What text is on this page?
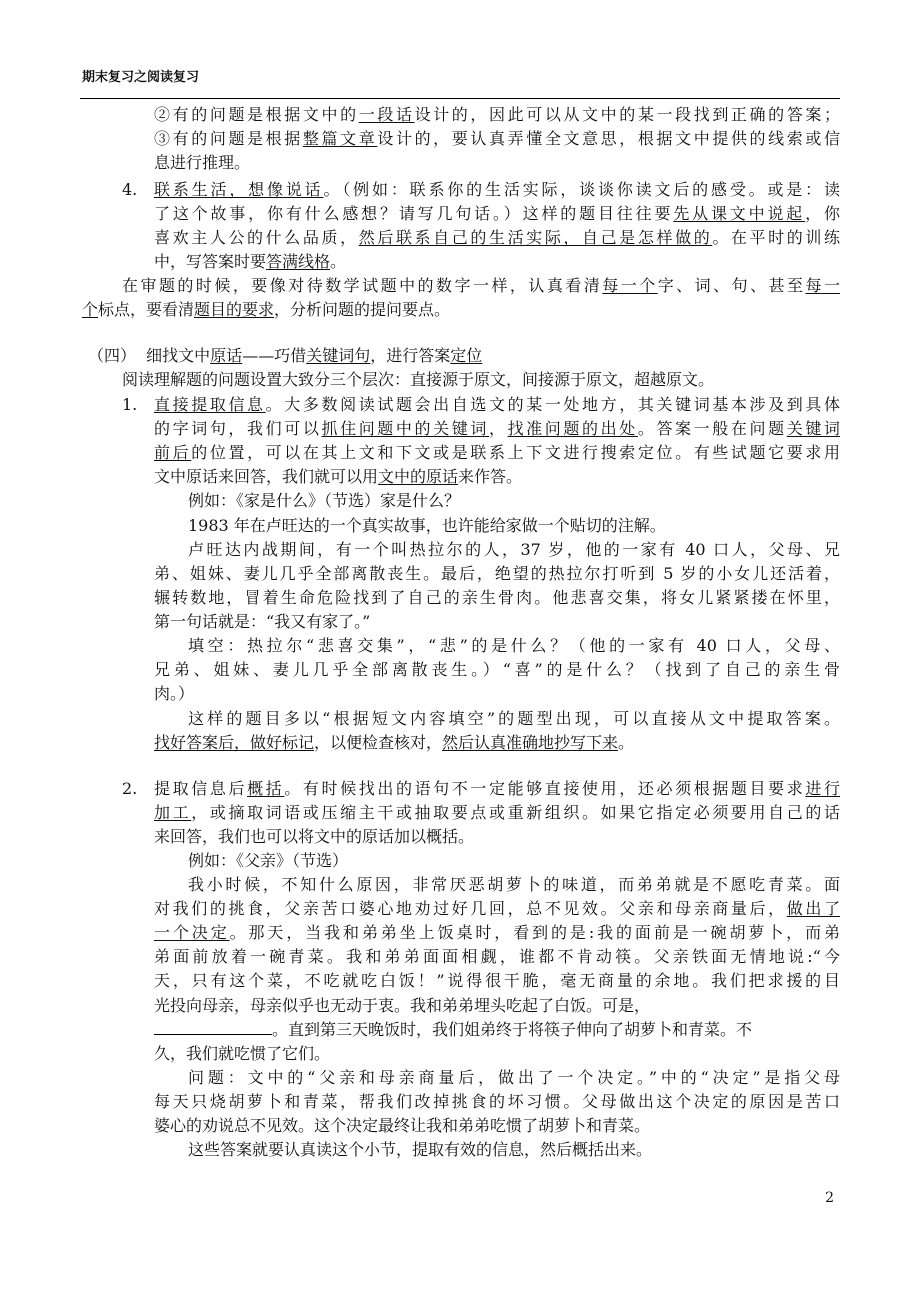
期末复习之阅读复习
②有的问题是根据文中的一段话设计的，因此可以从文中的某一段找到正确的答案；
③有的问题是根据整篇文章设计的，要认真弄懂全文意思，根据文中提供的线索或信
息进行推理。
4. 联系生活，想像说话。（例如：联系你的生活实际，谈谈你读文后的感受。或是：读
了这个故事，你有什么感想？请写几句话。）这样的题目往往要先从课文中说起，你
喜欢主人公的什么品质，然后联系自己的生活实际，自己是怎样做的。在平时的训练
中，写答案时要答满线格。
在审题的时候，要像对待数学试题中的数字一样，认真看清每一个字、词、句、甚至每一
个标点，要看清题目的要求，分析问题的提问要点。
（四）  细找文中原话——巧借关键词句，进行答案定位
阅读理解题的问题设置大致分三个层次：直接源于原文，间接源于原文，超越原文。
1. 直接提取信息。大多数阅读试题会出自选文的某一处地方，其关键词基本涉及到具体
的字词句，我们可以抓住问题中的关键词，找准问题的出处。答案一般在问题关键词
前后的位置，可以在其上文和下文或是联系上下文进行搜索定位。有些试题它要求用
文中原话来回答，我们就可以用文中的原话来作答。
例如：《家是什么》（节选）家是什么？
1983 年在卢旺达的一个真实故事，也许能给家做一个贴切的注解。
卢旺达内战期间，有一个叫热拉尔的人，37 岁，他的一家有 40 口人，父母、兄
弟、姐妹、妻儿几乎全部离散丧生。最后，绝望的热拉尔打听到 5 岁的小女儿还活着，
辗转数地，冒着生命危险找到了自己的亲生骨肉。他悲喜交集，将女儿紧紧搂在怀里，
第一句话就是：“我又有家了。”
填空：热拉尔“悲喜交集”，“悲”的是什么？（他的一家有 40 口人，父母、
兄弟、姐妹、妻儿几乎全部离散丧生。）“喜”的是什么？（找到了自己的亲生骨
肉。）
这样的题目多以“根据短文内容填空”的题型出现，可以直接从文中提取答案。
找好答案后，做好标记，以便检查核对，然后认真准确地抄写下来。
2. 提取信息后概括。有时候找出的语句不一定能够直接使用，还必须根据题目要求进行
加工，或摘取词语或压缩主干或抽取要点或重新组织。如果它指定必须要用自己的话
来回答，我们也可以将文中的原话加以概括。
例如：《父亲》（节选）
我小时候，不知什么原因，非常厌恶胡萝卜的味道，而弟弟就是不愿吃青菜。面
对我们的挑食，父亲苦口婆心地劝过好几回，总不见效。父亲和母亲商量后，做出了
一个决定。那天，当我和弟弟坐上饭桌时，看到的是:我的面前是一碗胡萝卜，而弟
弟面前放着一碗青菜。我和弟弟面面相觑，谁都不肯动筷。父亲铁面无情地说:“今
天，只有这个菜，不吃就吃白饭！”说得很干脆，毫无商量的余地。我们把求援的目
光投向母亲，母亲似乎也无动于衷。我和弟弟埋头吃起了白饭。可是，
。直到第三天晚饭时，我们姐弟终于将筷子伸向了胡萝卜和青菜。不
久，我们就吃惯了它们。
问题：文中的“父亲和母亲商量后，做出了一个决定。”中的“决定”是指父母
每天只烧胡萝卜和青菜，帮我们改掉挑食的坏习惯。父母做出这个决定的原因是苦口
婆心的劝说总不见效。这个决定最终让我和弟弟吃惯了胡萝卜和青菜。
这些答案就要认真读这个小节，提取有效的信息，然后概括出来。
2
